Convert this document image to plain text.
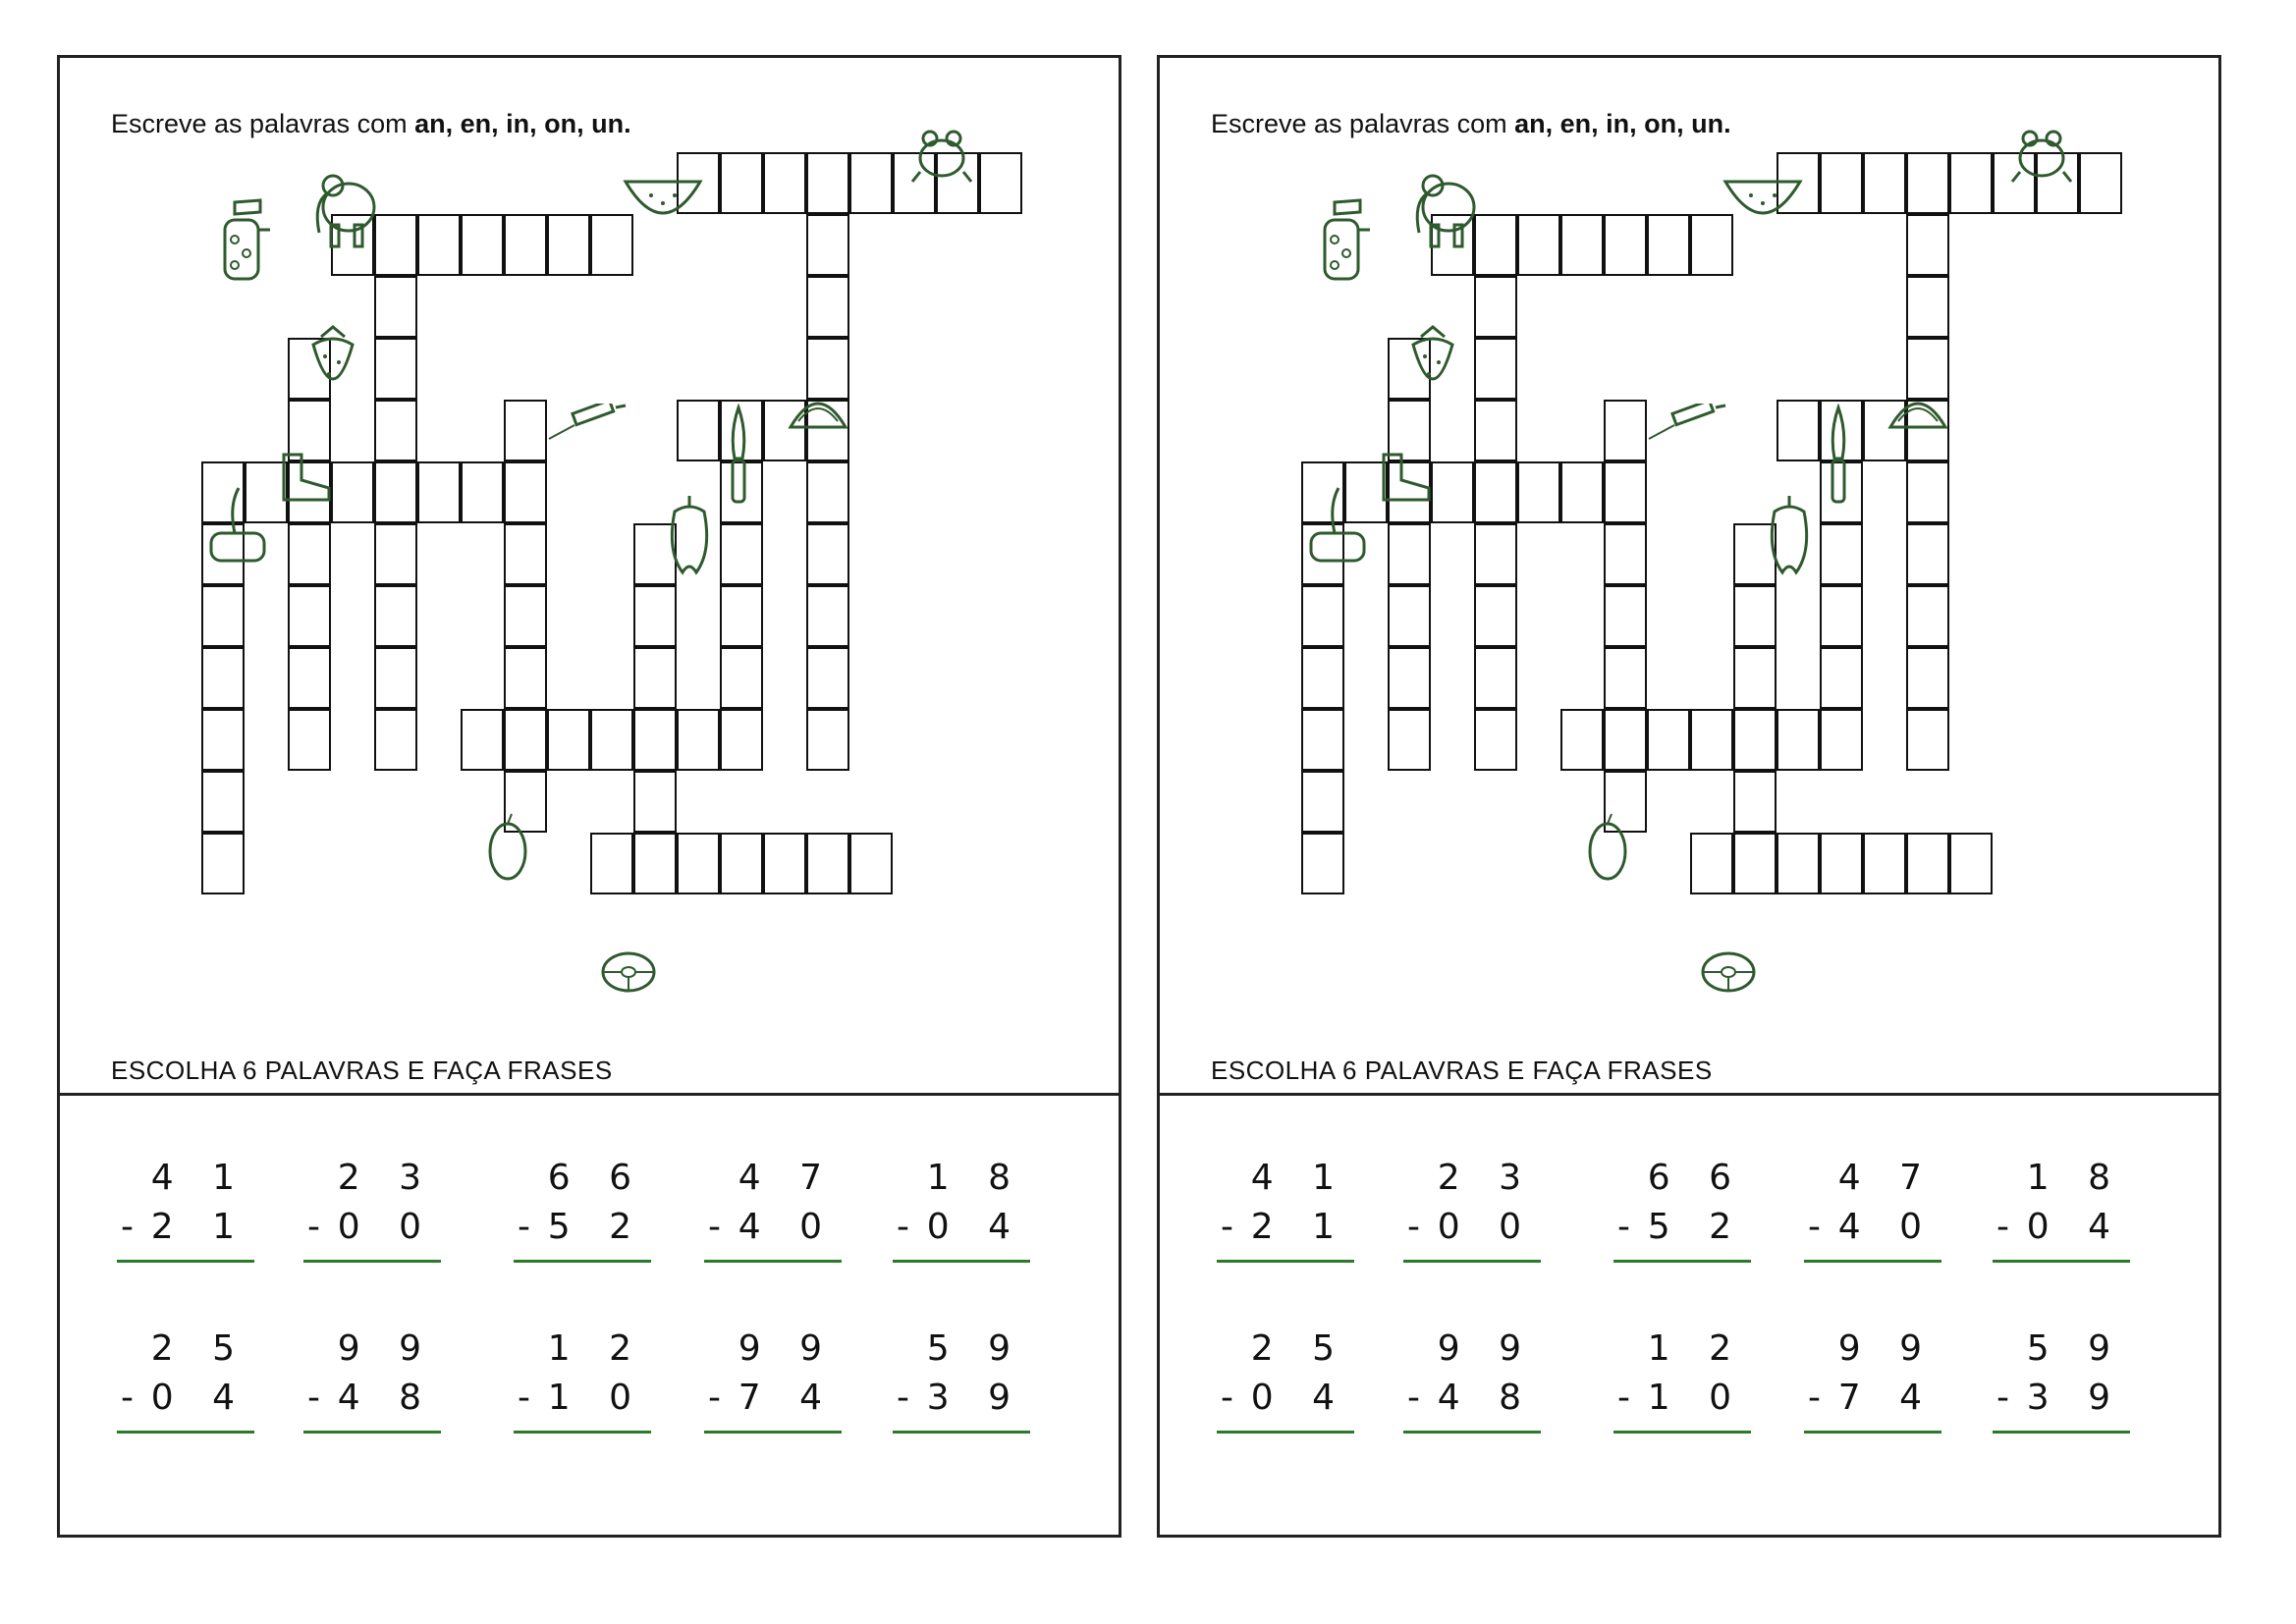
Escreve as palavras com an, en, in, on, un.
ESCOLHA 6 PALAVRAS E FAÇA FRASES
4 1
- 2 1
2 3
- 0 0
6 6
- 5 2
4 7
- 4 0
1 8
- 0 4
2 5
- 0 4
9 9
- 4 8
1 2
- 1 0
9 9
- 7 4
5 9
- 3 9
Escreve as palavras com an, en, in, on, un.
ESCOLHA 6 PALAVRAS E FAÇA FRASES
4 1
- 2 1
2 3
- 0 0
6 6
- 5 2
4 7
- 4 0
1 8
- 0 4
2 5
- 0 4
9 9
- 4 8
1 2
- 1 0
9 9
- 7 4
5 9
- 3 9
